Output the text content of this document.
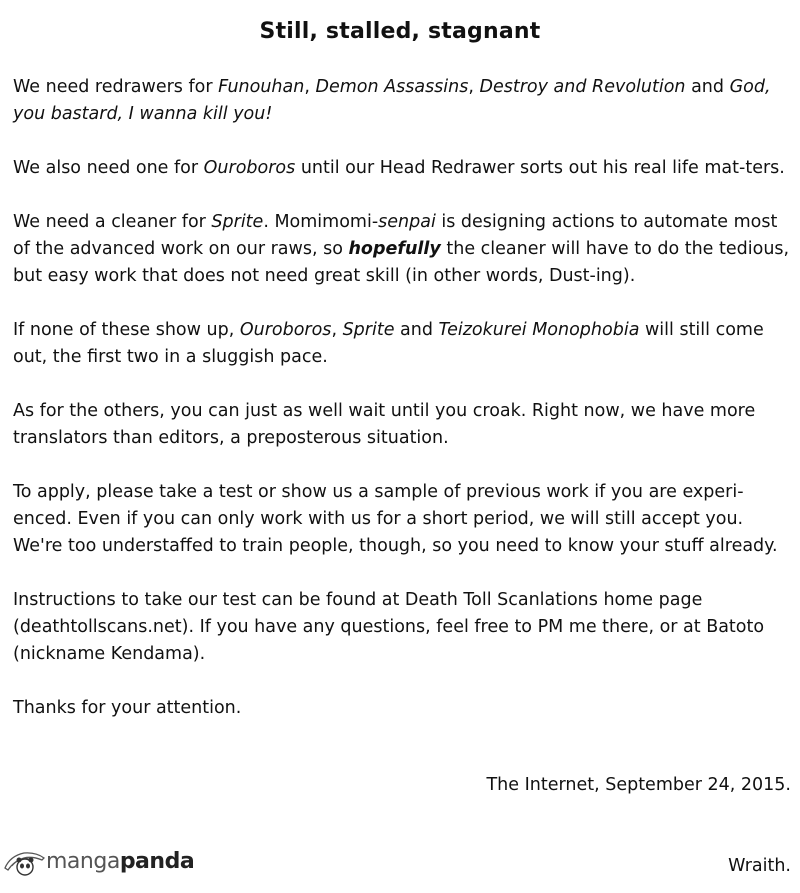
Still, stalled, stagnant

We need redrawers for Funouhan, Demon Assassins, Destroy and Revolution and God, you bastard, I wanna kill you!

We also need one for Ouroboros until our Head Redrawer sorts out his real life mat-ters.

We need a cleaner for Sprite. Momimomi-senpai is designing actions to automate most of the advanced work on our raws, so hopefully the cleaner will have to do the tedious, but easy work that does not need great skill (in other words, Dust-ing).

If none of these show up, Ouroboros, Sprite and Teizokurei Monophobia will still come out, the first two in a sluggish pace.

As for the others, you can just as well wait until you croak. Right now, we have more translators than editors, a preposterous situation.

To apply, please take a test or show us a sample of previous work if you are experi-enced. Even if you can only work with us for a short period, we will still accept you. We're too understaffed to train people, though, so you need to know your stuff already.

Instructions to take our test can be found at Death Toll Scanlations home page (deathtollscans.net). If you have any questions, feel free to PM me there, or at Batoto (nickname Kendama).

Thanks for your attention.

The Internet, September 24, 2015.
mangapanda	Wraith.
